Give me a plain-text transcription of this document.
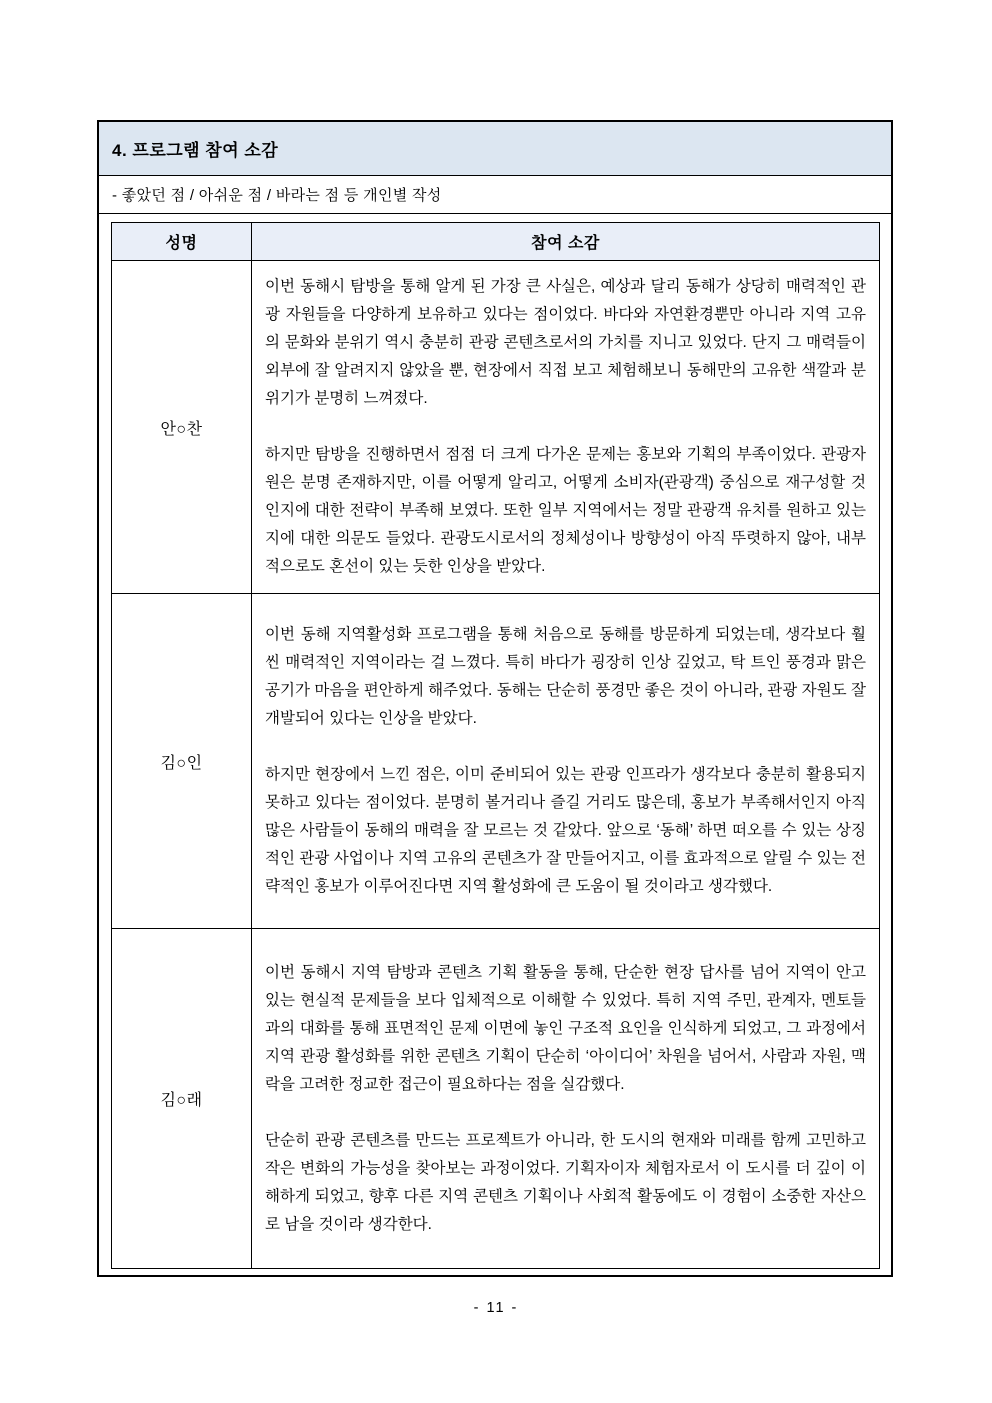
4. 프로그램 참여 소감
- 좋았던 점 / 아쉬운 점 / 바라는 점 등 개인별 작성
성명	참여 소감
안○찬	이번 동해시 탐방을 통해 알게 된 가장 큰 사실은, 예상과 달리 동해가 상당히 매력적인 관광 자원들을 다양하게 보유하고 있다는 점이었다. 바다와 자연환경뿐만 아니라 지역 고유의 문화와 분위기 역시 충분히 관광 콘텐츠로서의 가치를 지니고 있었다. 단지 그 매력들이 외부에 잘 알려지지 않았을 뿐, 현장에서 직접 보고 체험해보니 동해만의 고유한 색깔과 분위기가 분명히 느껴졌다.

하지만 탐방을 진행하면서 점점 더 크게 다가온 문제는 홍보와 기획의 부족이었다. 관광자원은 분명 존재하지만, 이를 어떻게 알리고, 어떻게 소비자(관광객) 중심으로 재구성할 것인지에 대한 전략이 부족해 보였다. 또한 일부 지역에서는 정말 관광객 유치를 원하고 있는지에 대한 의문도 들었다. 관광도시로서의 정체성이나 방향성이 아직 뚜렷하지 않아, 내부적으로도 혼선이 있는 듯한 인상을 받았다.

김○인	이번 동해 지역활성화 프로그램을 통해 처음으로 동해를 방문하게 되었는데, 생각보다 훨씬 매력적인 지역이라는 걸 느꼈다. 특히 바다가 굉장히 인상 깊었고, 탁 트인 풍경과 맑은 공기가 마음을 편안하게 해주었다. 동해는 단순히 풍경만 좋은 것이 아니라, 관광 자원도 잘 개발되어 있다는 인상을 받았다.

하지만 현장에서 느낀 점은, 이미 준비되어 있는 관광 인프라가 생각보다 충분히 활용되지 못하고 있다는 점이었다. 분명히 볼거리나 즐길 거리도 많은데, 홍보가 부족해서인지 아직 많은 사람들이 동해의 매력을 잘 모르는 것 같았다. 앞으로 ‘동해’ 하면 떠오를 수 있는 상징적인 관광 사업이나 지역 고유의 콘텐츠가 잘 만들어지고, 이를 효과적으로 알릴 수 있는 전략적인 홍보가 이루어진다면 지역 활성화에 큰 도움이 될 것이라고 생각했다.

김○래	이번 동해시 지역 탐방과 콘텐츠 기획 활동을 통해, 단순한 현장 답사를 넘어 지역이 안고 있는 현실적 문제들을 보다 입체적으로 이해할 수 있었다. 특히 지역 주민, 관계자, 멘토들과의 대화를 통해 표면적인 문제 이면에 놓인 구조적 요인을 인식하게 되었고, 그 과정에서 지역 관광 활성화를 위한 콘텐츠 기획이 단순히 ‘아이디어’ 차원을 넘어서, 사람과 자원, 맥락을 고려한 정교한 접근이 필요하다는 점을 실감했다.

단순히 관광 콘텐츠를 만드는 프로젝트가 아니라, 한 도시의 현재와 미래를 함께 고민하고 작은 변화의 가능성을 찾아보는 과정이었다. 기획자이자 체험자로서 이 도시를 더 깊이 이해하게 되었고, 향후 다른 지역 콘텐츠 기획이나 사회적 활동에도 이 경험이 소중한 자산으로 남을 것이라 생각한다.

- 11 -
